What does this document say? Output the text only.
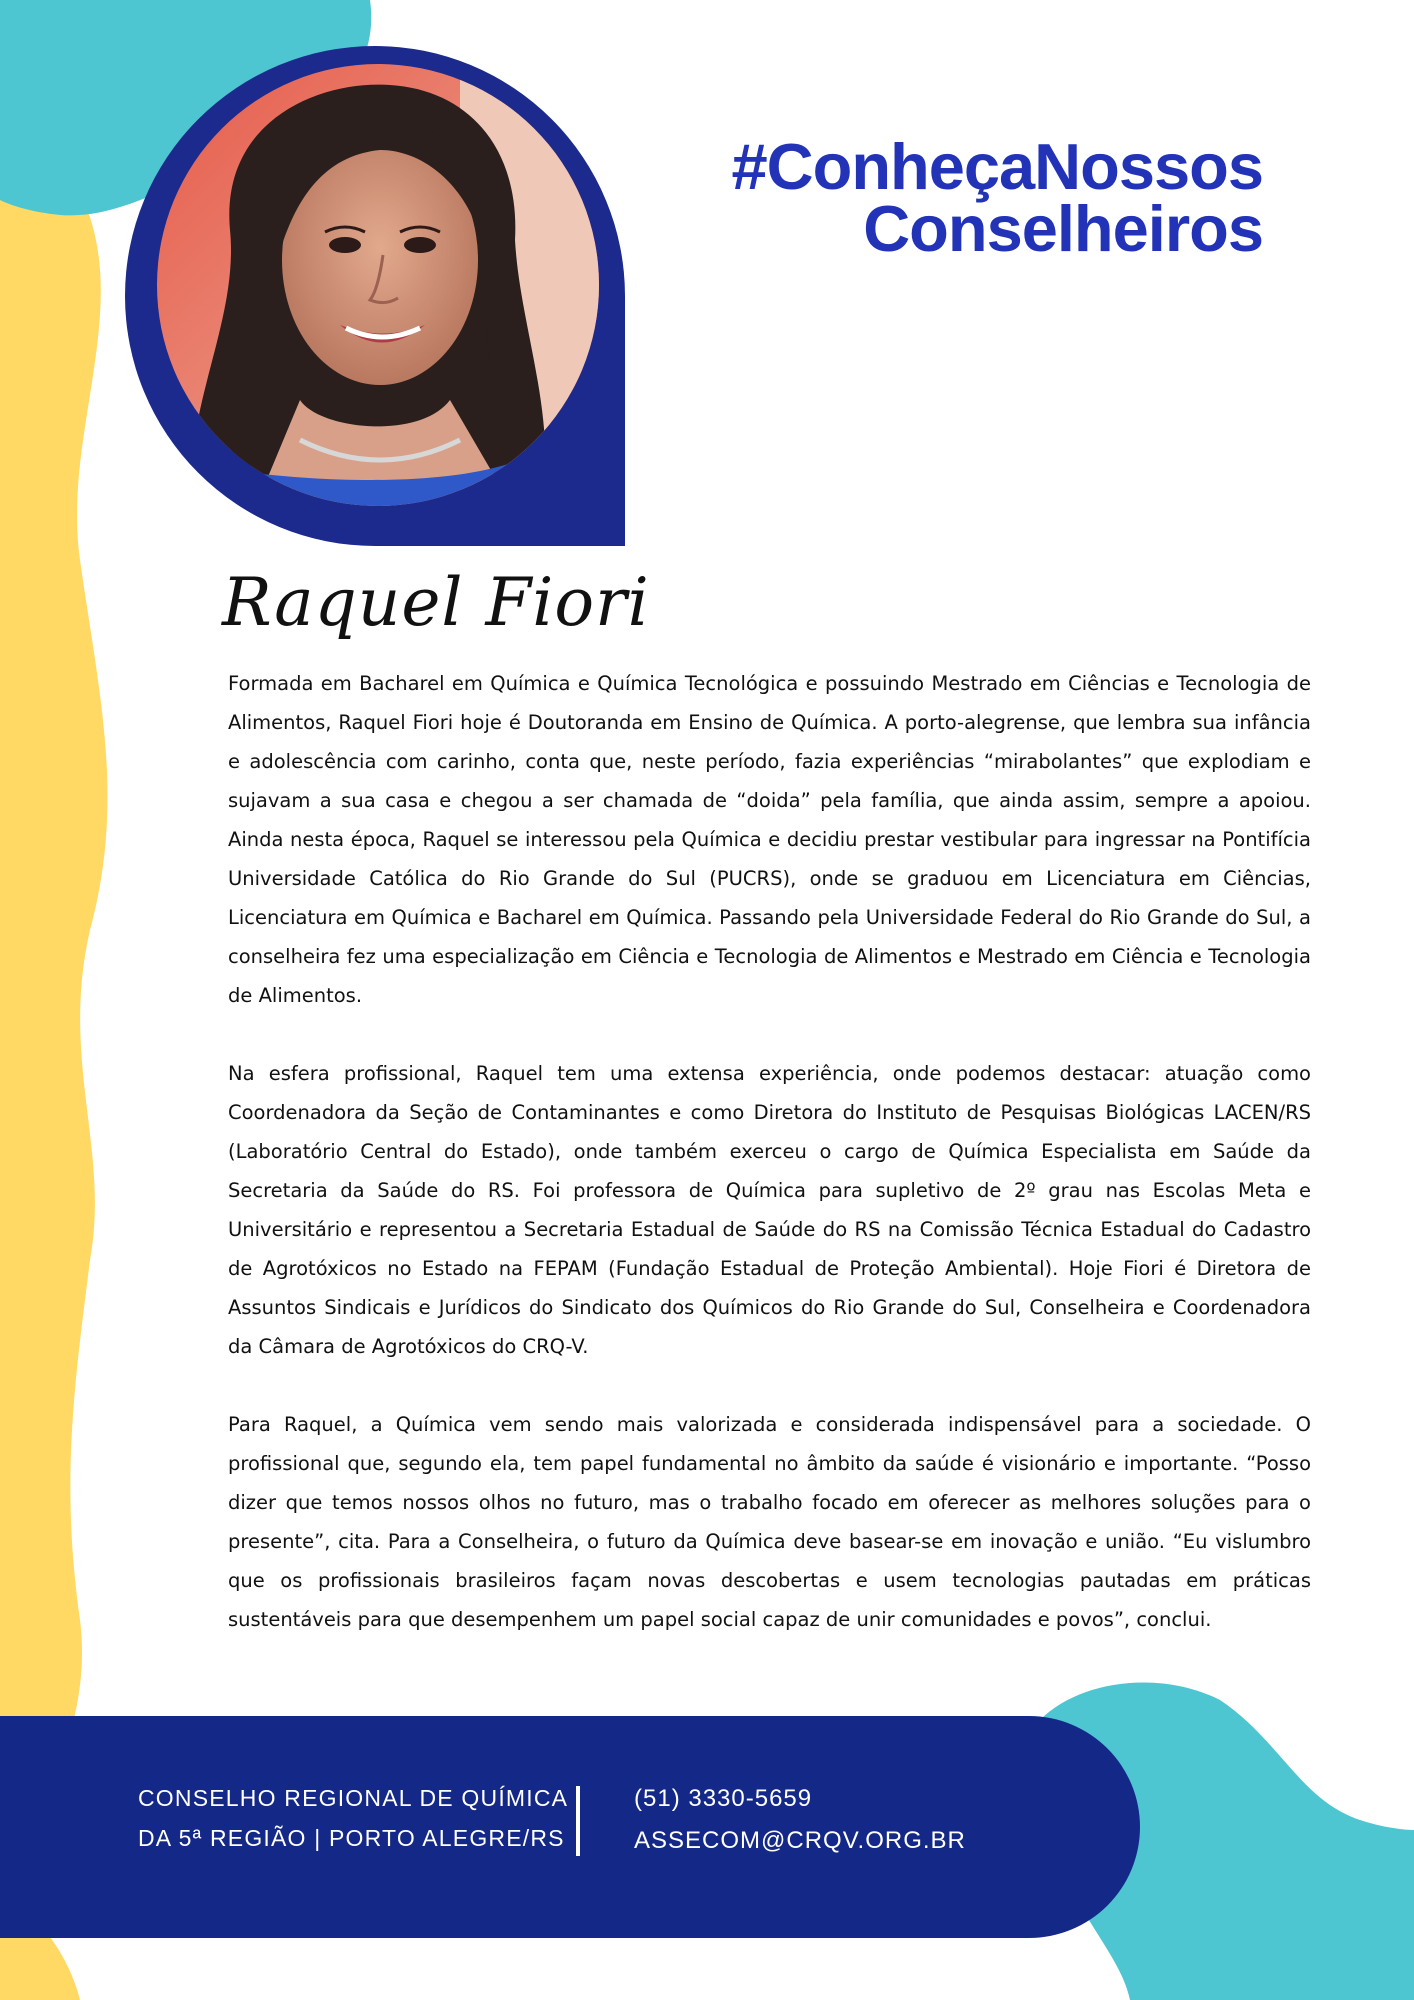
#ConheçaNossos
Conselheiros
Raquel Fiori

Formada em Bacharel em Química e Química Tecnológica e possuindo Mestrado em Ciências e Tecnologia de Alimentos, Raquel Fiori hoje é Doutoranda em Ensino de Química. A porto-alegrense, que lembra sua infância e adolescência com carinho, conta que, neste período, fazia experiências “mirabolantes” que explodiam e sujavam a sua casa e chegou a ser chamada de “doida” pela família, que ainda assim, sempre a apoiou. Ainda nesta época, Raquel se interessou pela Química e decidiu prestar vestibular para ingressar na Pontifícia Universidade Católica do Rio Grande do Sul (PUCRS), onde se graduou em Licenciatura em Ciências, Licenciatura em Química e Bacharel em Química. Passando pela Universidade Federal do Rio Grande do Sul, a conselheira fez uma especialização em Ciência e Tecnologia de Alimentos e Mestrado em Ciência e Tecnologia de Alimentos.

Na esfera profissional, Raquel tem uma extensa experiência, onde podemos destacar: atuação como Coordenadora da Seção de Contaminantes e como Diretora do Instituto de Pesquisas Biológicas LACEN/RS (Laboratório Central do Estado), onde também exerceu o cargo de Química Especialista em Saúde da Secretaria da Saúde do RS. Foi professora de Química para supletivo de 2º grau nas Escolas Meta e Universitário e representou a Secretaria Estadual de Saúde do RS na Comissão Técnica Estadual do Cadastro de Agrotóxicos no Estado na FEPAM (Fundação Estadual de Proteção Ambiental). Hoje Fiori é Diretora de Assuntos Sindicais e Jurídicos do Sindicato dos Químicos do Rio Grande do Sul, Conselheira e Coordenadora da Câmara de Agrotóxicos do CRQ-V.

Para Raquel, a Química vem sendo mais valorizada e considerada indispensável para a sociedade. O profissional que, segundo ela, tem papel fundamental no âmbito da saúde é visionário e importante. “Posso dizer que temos nossos olhos no futuro, mas o trabalho focado em oferecer as melhores soluções para o presente”, cita. Para a Conselheira, o futuro da Química deve basear-se em inovação e união. “Eu vislumbro que os profissionais brasileiros façam novas descobertas e usem tecnologias pautadas em práticas sustentáveis para que desempenhem um papel social capaz de unir comunidades e povos”, conclui.

CONSELHO REGIONAL DE QUÍMICA
DA 5ª REGIÃO | PORTO ALEGRE/RS
(51) 3330-5659
ASSECOM@CRQV.ORG.BR
